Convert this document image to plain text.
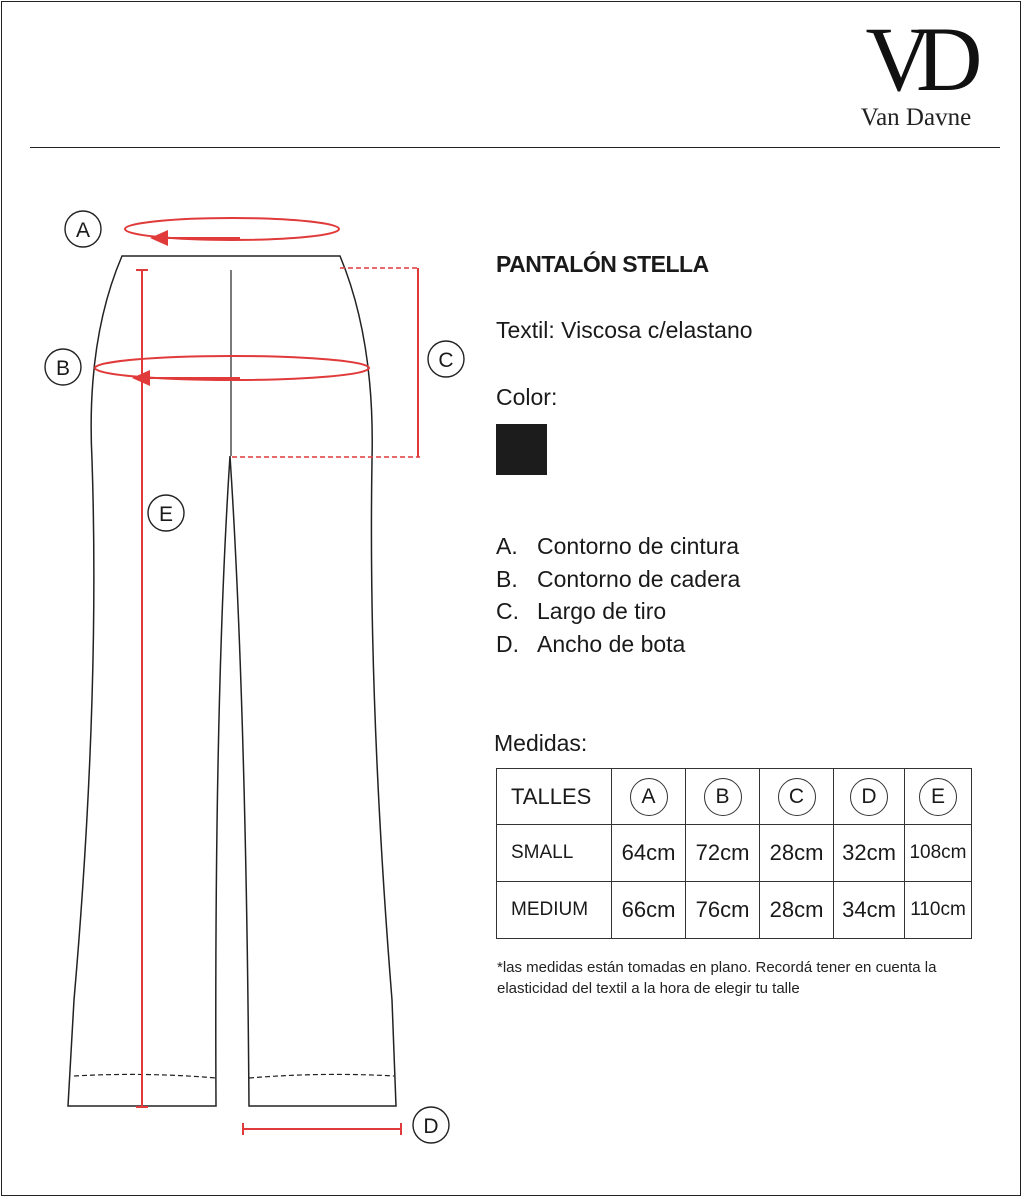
VD
Van Davne
A
B	C
E
D
PANTALÓN STELLA
Textil: Viscosa c/elastano
Color:
A. Contorno de cintura
B. Contorno de cadera
C. Largo de tiro
D. Ancho de bota
Medidas:
TALLES	A	B	C	D	E
SMALL	64cm	72cm	28cm	32cm	108cm
MEDIUM	66cm	76cm	28cm	34cm	110cm
*las medidas están tomadas en plano. Recordá tener en cuenta la elasticidad del textil a la hora de elegir tu talle
